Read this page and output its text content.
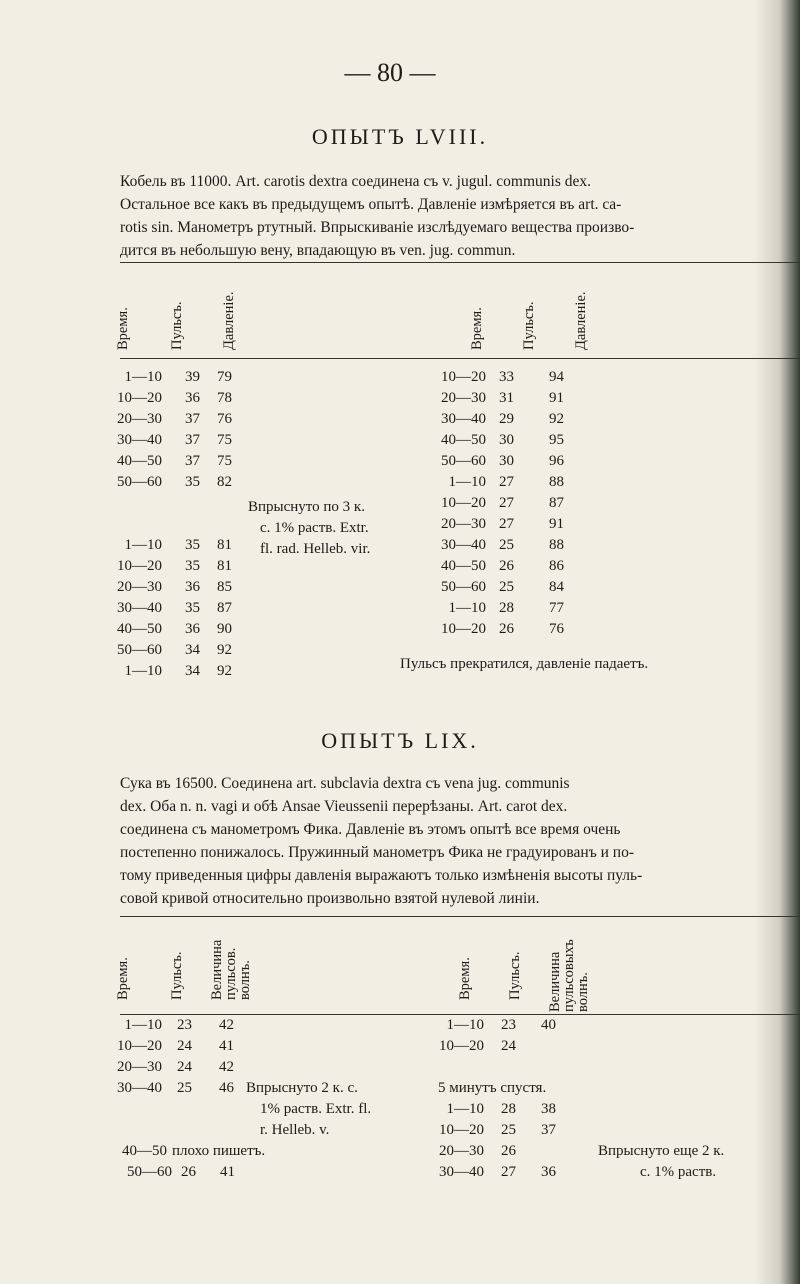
— 80 —
ОПЫТЪ LVIII.
Кобель въ 11000. Art. carotis dextra соединена съ v. jugul. communis dex.
Остальное все какъ въ предыдущемъ опытѣ. Давленіе измѣряется въ art. ca-
rotis sin. Манометръ ртутный. Впрыскиваніе изслѣдуемаго вещества произво-
дится въ небольшую вену, впадающую въ ven. jug. commun.
Время.	Пульсъ. Давленіе.	Время. Пульсъ. Давленіе.
1—10	39	79
10—20	36	78
20—30	37	76
30—40	37	75
40—50	37	75
50—60	35	82
1—10	35	81
10—20	35	81
20—30	36	85
30—40	35	87
40—50	36	90
50—60	34	92
1—10	34	92
10—20 33	94
20—30 31	91
30—40 29	92
40—50 30	95
50—60 30	96
1—10 27	88
10—20 27	87
20—30 27	91
30—40 25	88
40—50 26	86
50—60 25	84
1—10 28	77
10—20 26	76
Впрыснуто по 3 к.
с. 1% раств. Extr.
fl. rad. Helleb. vir.
Пульсъ прекратился, давленіе падаетъ.
ОПЫТЪ LIX.
Сука въ 16500. Соединена art. subclavia dextra съ vena jug. communis
dex. Оба n. n. vagi и обѣ Ansae Vieussenii перерѣзаны. Art. carot dex.
соединена съ манометромъ Фика. Давленіе въ этомъ опытѣ все время очень
постепенно понижалось. Пружинный манометръ Фика не градуированъ и по-
тому приведенныя цифры давленія выражаютъ только измѣненія высоты пуль-
совой кривой относительно произвольно взятой нулевой линіи.
Время.	Пульсъ. Величина пульсов. волнъ.	Время. Пульсъ. Величина пульсовыхъ волнъ.
1—10	23	42
10—20	24	41
20—30	24	42
30—40	25	46
1—10	23	40
10—20	24
1—10	28	38
10—20	25	37
20—30	26
30—40	27	36
Впрыснуто 2 к. с.
1% раств. Extr. fl.
r. Helleb. v.
40—50 плохо пишетъ.
50—60 26 41
5 минутъ спустя.
Впрыснуто еще 2 к.
с. 1% раств.
